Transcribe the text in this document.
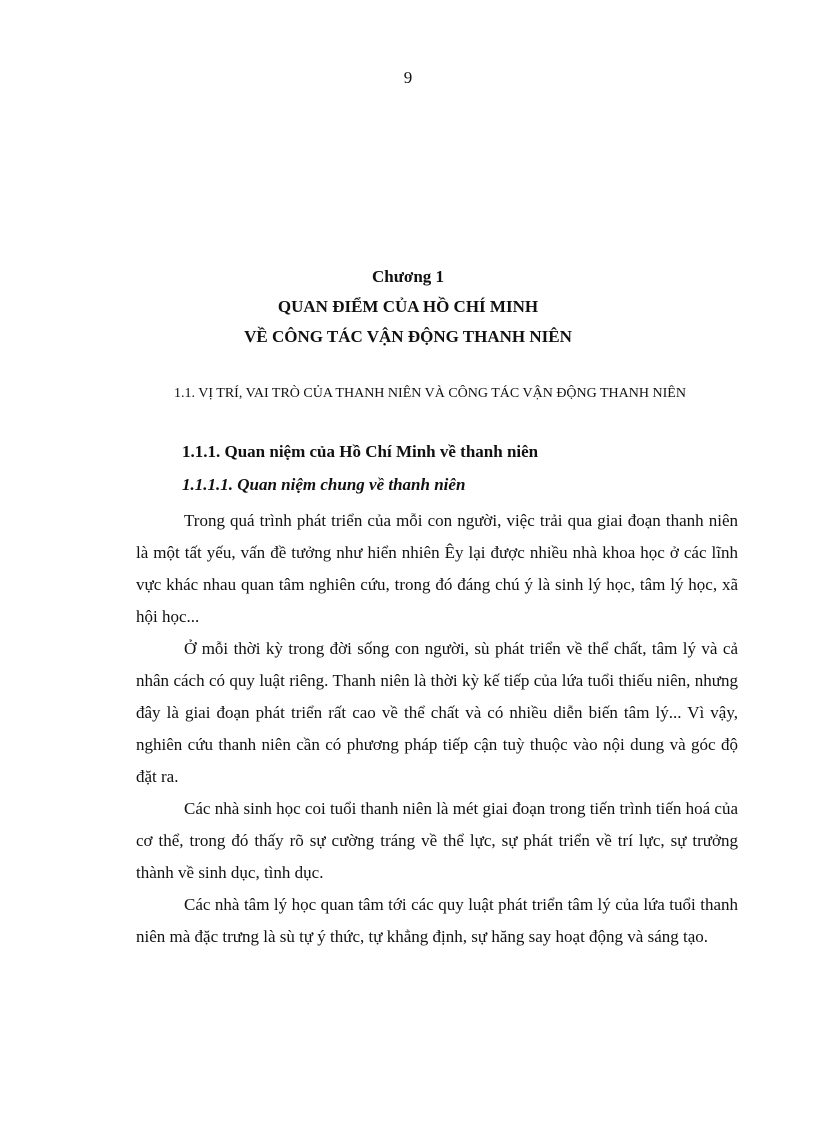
9
Chương 1
QUAN ĐIỂM CỦA HỒ CHÍ MINH
VỀ CÔNG TÁC VẬN ĐỘNG THANH NIÊN
1.1. VỊ TRÍ, VAI TRÒ CỦA THANH NIÊN VÀ CÔNG TÁC VẬN ĐỘNG THANH NIÊN
1.1.1. Quan niệm của Hồ Chí Minh về thanh niên
1.1.1.1. Quan niệm chung về thanh niên

Trong quá trình phát triển của mỗi con người, việc trải qua giai đoạn thanh niên là một tất yếu, vấn đề tưởng như hiển nhiên Êy lại được nhiều nhà khoa học ở các lĩnh vực khác nhau quan tâm nghiên cứu, trong đó đáng chú ý là sinh lý học, tâm lý học, xã hội học...

Ở mỗi thời kỳ trong đời sống con người, sù phát triển về thể chất, tâm lý và cả nhân cách có quy luật riêng. Thanh niên là thời kỳ kế tiếp của lứa tuổi thiếu niên, nhưng đây là giai đoạn phát triển rất cao về thể chất và có nhiều diễn biến tâm lý... Vì vậy, nghiên cứu thanh niên cần có phương pháp tiếp cận tuỳ thuộc vào nội dung và góc độ đặt ra.

Các nhà sinh học coi tuổi thanh niên là mét giai đoạn trong tiến trình tiến hoá của cơ thể, trong đó thấy rõ sự cường tráng về thể lực, sự phát triển về trí lực, sự trưởng thành về sinh dục, tình dục.

Các nhà tâm lý học quan tâm tới các quy luật phát triển tâm lý của lứa tuổi thanh niên mà đặc trưng là sù tự ý thức, tự khẳng định, sự hăng say hoạt động và sáng tạo.
